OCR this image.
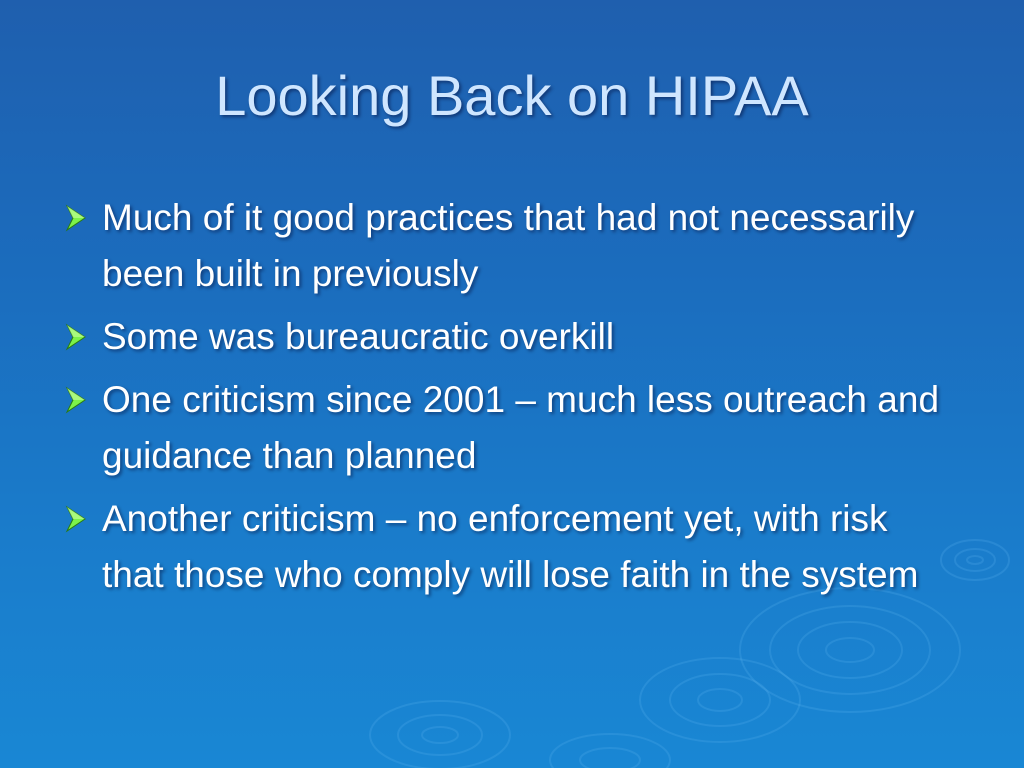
Looking Back on HIPAA
Much of it good practices that had not necessarily been built in previously
Some was bureaucratic overkill
One criticism since 2001 – much less outreach and guidance than planned
Another criticism – no enforcement yet, with risk that those who comply will lose faith in the system
